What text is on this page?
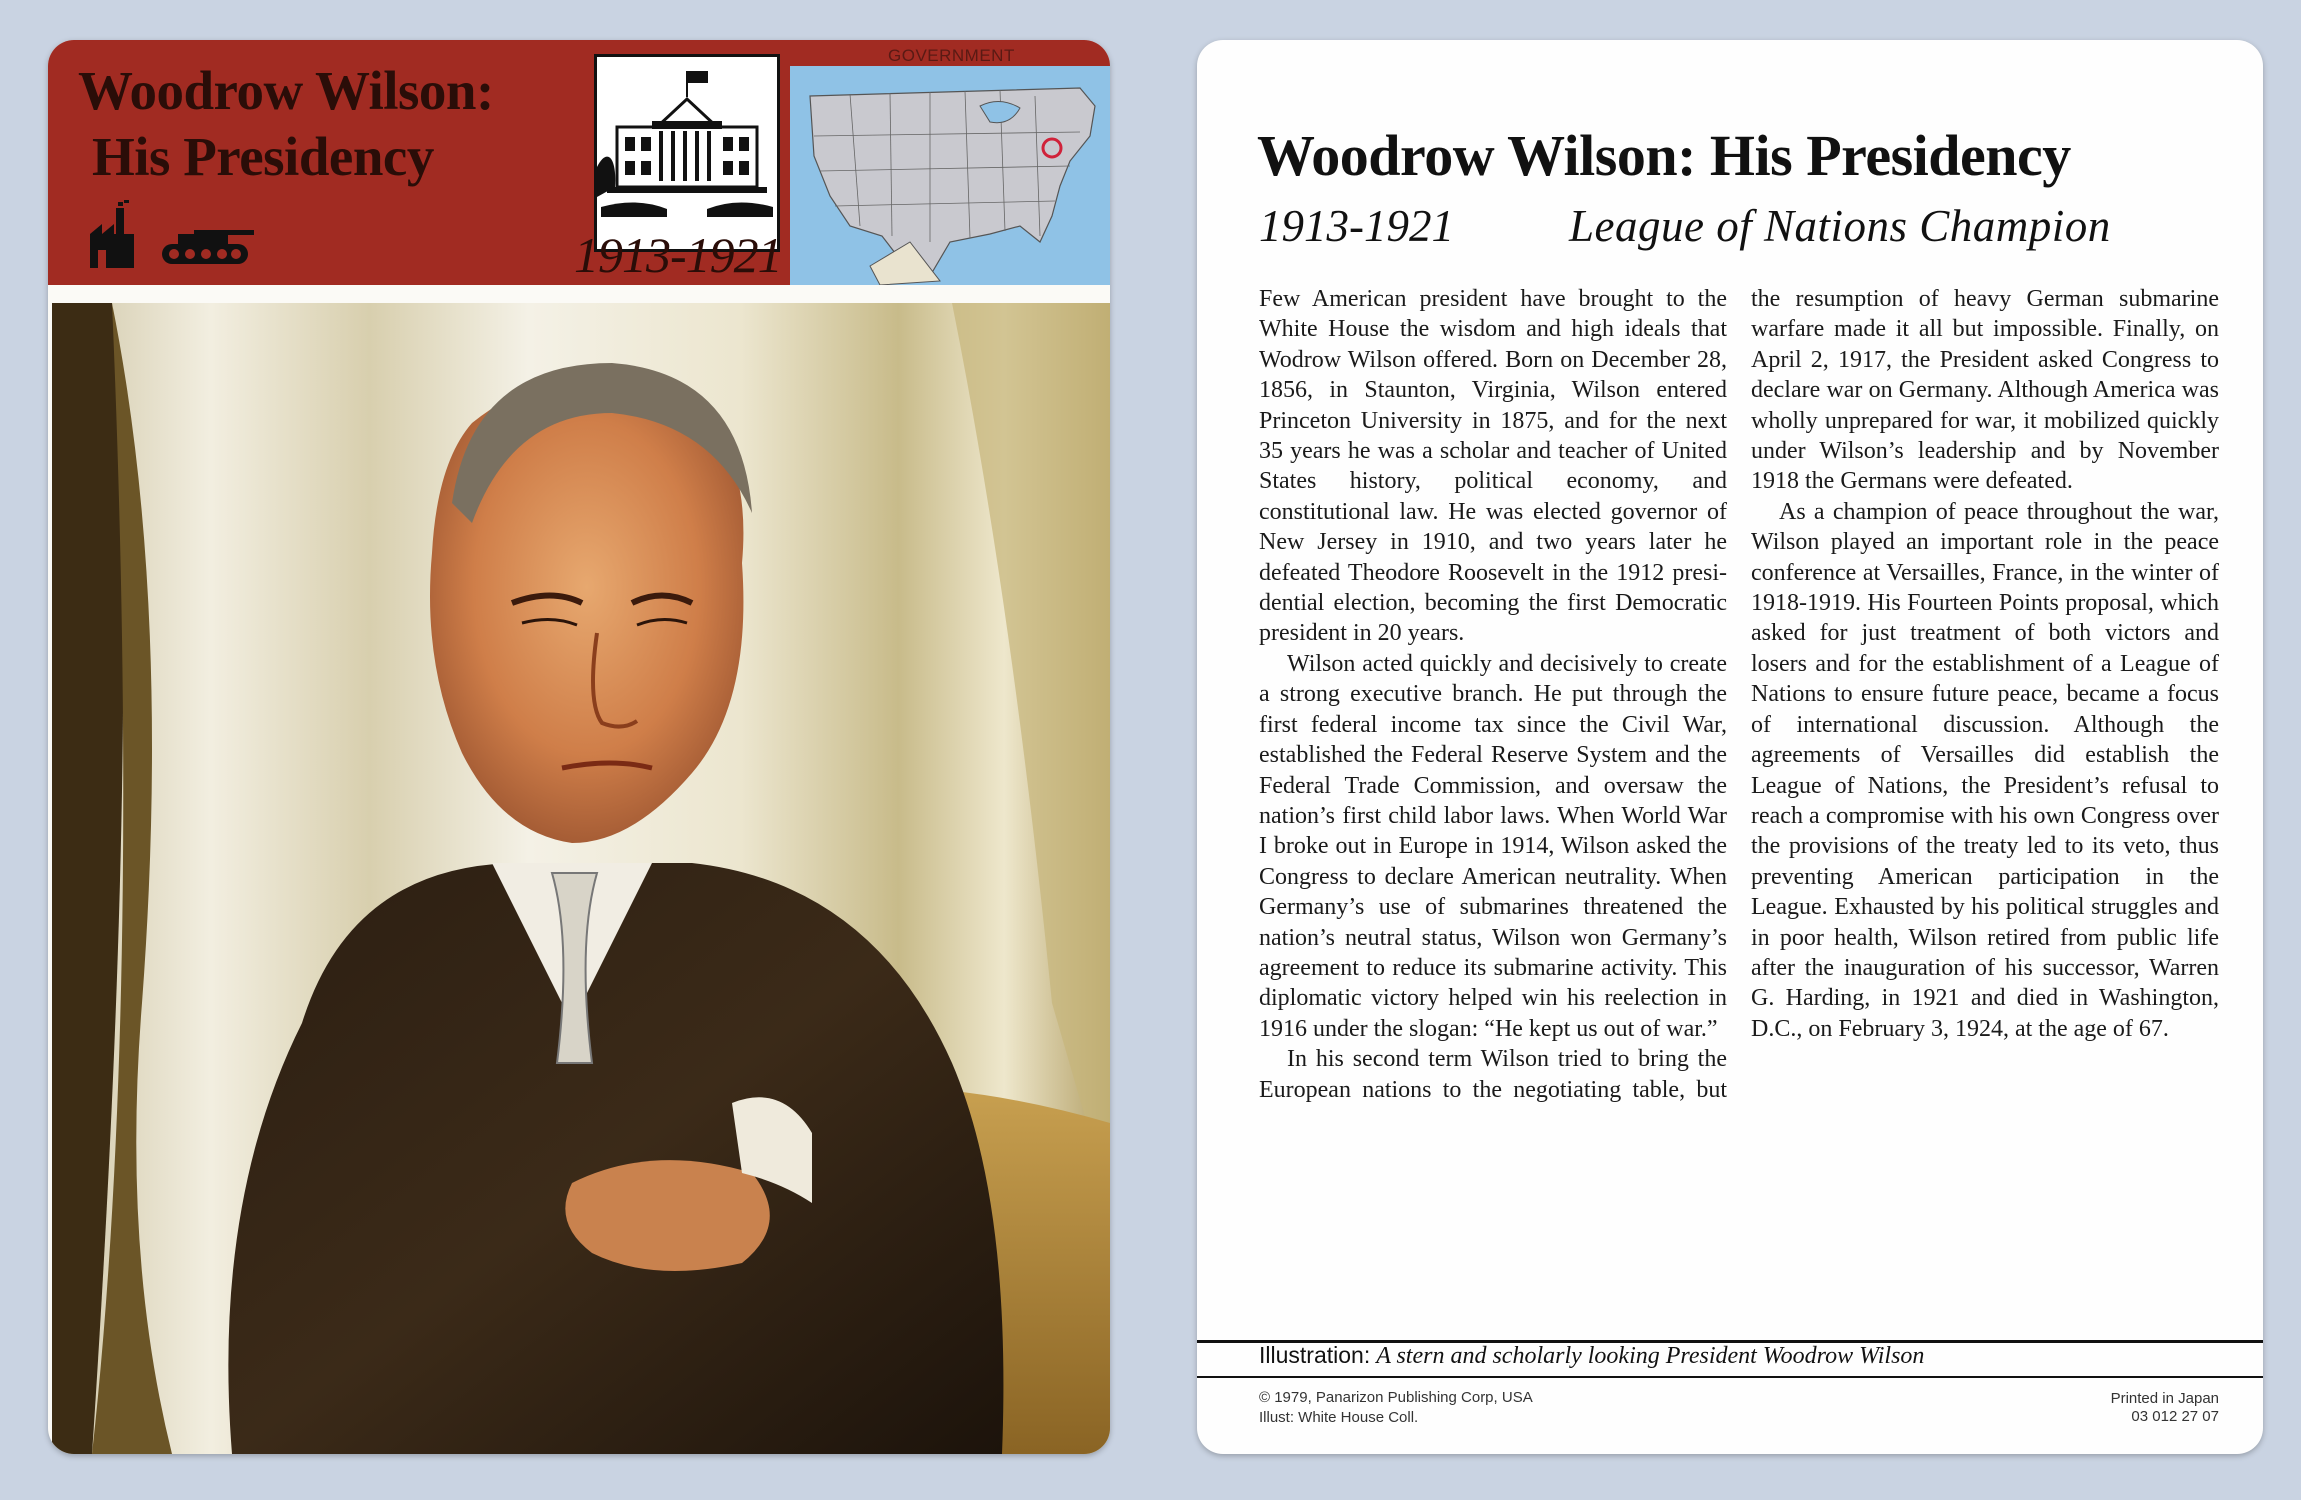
Woodrow Wilson:
His Presidency
GOVERNMENT
1913-1921
Woodrow Wilson: His Presidency
1913-1921	League of Nations Champion

Few American president have brought to the White House the wisdom and high ideals that Wodrow Wilson offered. Born on December 28, 1856, in Staunton, Virginia, Wilson entered Princeton University in 1875, and for the next 35 years he was a scholar and teacher of United States history, political economy, and constitutional law. He was elected governor of New Jersey in 1910, and two years later he defeated Theodore Roosevelt in the 1912 presidential election, becoming the first Democratic president in 20 years.

Wilson acted quickly and decisively to create a strong executive branch. He put through the first federal income tax since the Civil War, established the Federal Reserve System and the Federal Trade Commission, and oversaw the nation’s first child labor laws. When World War I broke out in Europe in 1914, Wilson asked the Congress to declare American neutrality. When Germany’s use of submarines threatened the nation’s neutral status, Wilson won Germany’s agreement to reduce its submarine activity. This diplomatic victory helped win his reelection in 1916 under the slogan: “He kept us out of war.”

In his second term Wilson tried to bring the European nations to the negotiating table, but the resumption of heavy German submarine warfare made it all but impossible. Finally, on April 2, 1917, the President asked Congress to declare war on Germany. Although America was wholly unprepared for war, it mobilized quickly under Wilson’s leadership and by November 1918 the Germans were defeated.

As a champion of peace throughout the war, Wilson played an important role in the peace conference at Versailles, France, in the winter of 1918-1919. His Fourteen Points proposal, which asked for just treatment of both victors and losers and for the establishment of a League of Nations to ensure future peace, became a focus of international discussion. Although the agreements of Versailles did establish the League of Nations, the President’s refusal to reach a compromise with his own Congress over the provisions of the treaty led to its veto, thus preventing American participation in the League. Exhausted by his political struggles and in poor health, Wilson retired from public life after the inauguration of his successor, Warren G. Harding, in 1921 and died in Washington, D.C., on February 3, 1924, at the age of 67.

Illustration: A stern and scholarly looking President Woodrow Wilson
© 1979, Panarizon Publishing Corp, USA
Illust: White House Coll.
Printed in Japan
03 012 27 07
